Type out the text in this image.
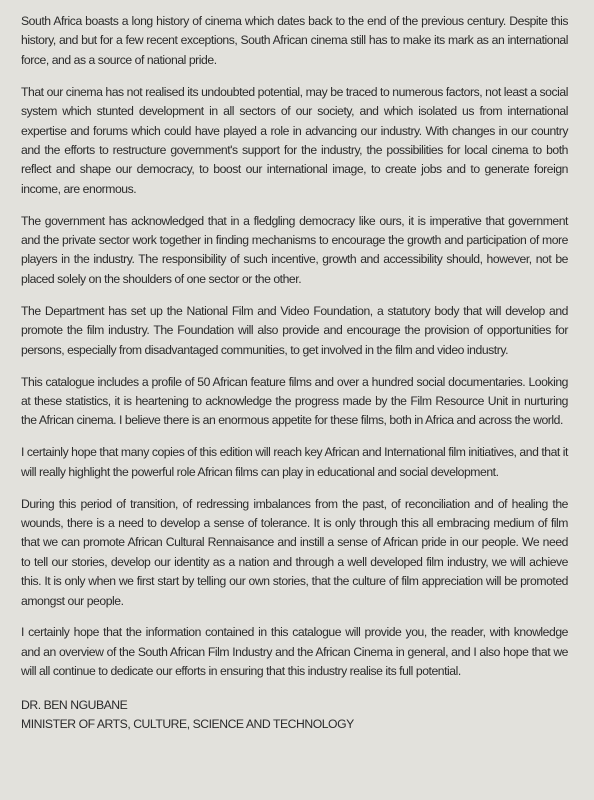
South Africa boasts a long history of cinema which dates back to the end of the previous century. Despite this history, and but for a few recent exceptions, South African cinema still has to make its mark as an international force, and as a source of national pride.

That our cinema has not realised its undoubted potential, may be traced to numerous factors, not least a social system which stunted development in all sectors of our society, and which isolated us from international expertise and forums which could have played a role in advancing our industry. With changes in our country and the efforts to restructure government's support for the industry, the possibilities for local cinema to both reflect and shape our democracy, to boost our international image, to create jobs and to generate foreign income, are enormous.

The government has acknowledged that in a fledgling democracy like ours, it is imperative that government and the private sector work together in finding mechanisms to encourage the growth and participation of more players in the industry. The responsibility of such incentive, growth and accessibility should, however, not be placed solely on the shoulders of one sector or the other.

The Department has set up the National Film and Video Foundation, a statutory body that will develop and promote the film industry. The Foundation will also provide and encourage the provision of opportunities for persons, especially from disadvantaged communities, to get involved in the film and video industry.

This catalogue includes a profile of 50 African feature films and over a hundred social documentaries. Looking at these statistics, it is heartening to acknowledge the progress made by the Film Resource Unit in nurturing the African cinema. I believe there is an enormous appetite for these films, both in Africa and across the world.

I certainly hope that many copies of this edition will reach key African and International film initiatives, and that it will really highlight the powerful role African films can play in educational and social development.

During this period of transition, of redressing imbalances from the past, of reconciliation and of healing the wounds, there is a need to develop a sense of tolerance. It is only through this all embracing medium of film that we can promote African Cultural Rennaisance and instill a sense of African pride in our people. We need to tell our stories, develop our identity as a nation and through a well developed film industry, we will achieve this. It is only when we first start by telling our own stories, that the culture of film appreciation will be promoted amongst our people.

I certainly hope that the information contained in this catalogue will provide you, the reader, with knowledge and an overview of the South African Film Industry and the African Cinema in general, and I also hope that we will all continue to dedicate our efforts in ensuring that this industry realise its full potential.

DR. BEN NGUBANE
MINISTER OF ARTS, CULTURE, SCIENCE AND TECHNOLOGY
